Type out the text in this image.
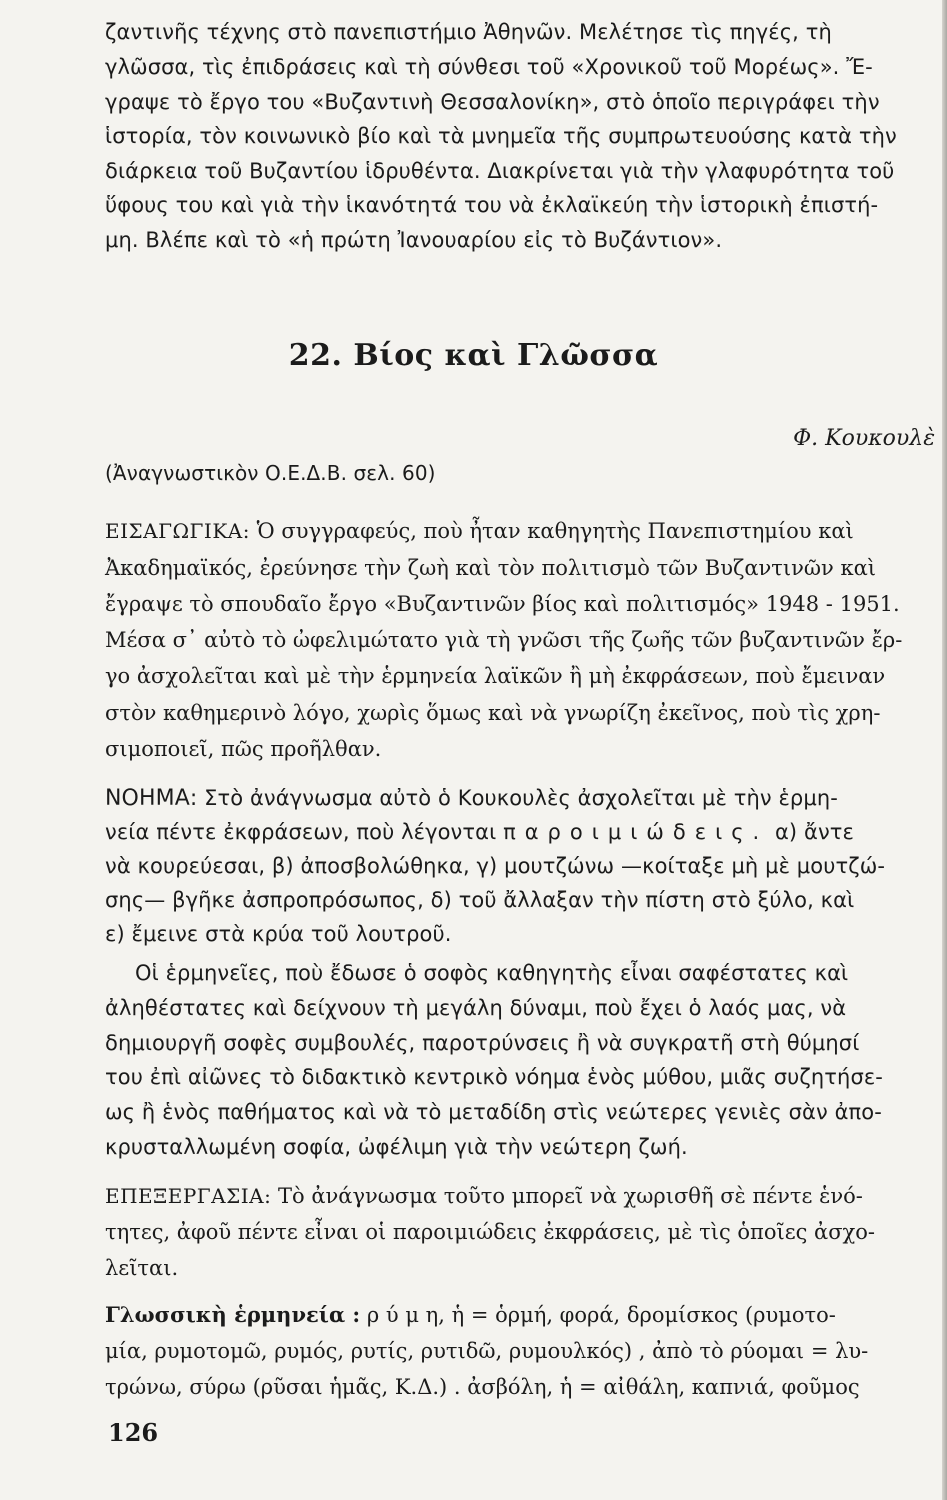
ζαντινῆς τέχνης στὸ πανεπιστήμιο Ἀθηνῶν. Μελέτησε τὶς πηγές, τὴ
γλῶσσα, τὶς ἐπιδράσεις καὶ τὴ σύνθεσι τοῦ «Χρονικοῦ τοῦ Μορέως». Ἔ-
γραψε τὸ ἔργο του «Βυζαντινὴ Θεσσαλονίκη», στὸ ὁποῖο περιγράφει τὴν
ἱστορία, τὸν κοινωνικὸ βίο καὶ τὰ μνημεῖα τῆς συμπρωτευούσης κατὰ τὴν
διάρκεια τοῦ Βυζαντίου ἱδρυθέντα. Διακρίνεται γιὰ τὴν γλαφυρότητα τοῦ
ὕφους του καὶ γιὰ τὴν ἱκανότητά του νὰ ἐκλαϊκεύη τὴν ἱστορικὴ ἐπιστή-
μη. Βλέπε καὶ τὸ «ἡ πρώτη Ἰανουαρίου εἰς τὸ Βυζάντιον».
22. Βίος καὶ Γλῶσσα
Φ. Κουκουλὲ
(Ἀναγνωστικὸν Ο.Ε.Δ.Β. σελ. 60)
ΕΙΣΑΓΩΓΙΚΑ: Ὁ συγγραφεύς, ποὺ ἦταν καθηγητὴς Πανεπιστημίου καὶ
Ἀκαδημαϊκός, ἐρεύνησε τὴν ζωὴ καὶ τὸν πολιτισμὸ τῶν Βυζαντινῶν καὶ
ἔγραψε τὸ σπουδαῖο ἔργο «Βυζαντινῶν βίος καὶ πολιτισμός» 1948 - 1951.
Μέσα σ᾿ αὐτὸ τὸ ὠφελιμώτατο γιὰ τὴ γνῶσι τῆς ζωῆς τῶν βυζαντινῶν ἔρ-
γο ἀσχολεῖται καὶ μὲ τὴν ἑρμηνεία λαϊκῶν ἢ μὴ ἐκφράσεων, ποὺ ἔμειναν
στὸν καθημερινὸ λόγο, χωρὶς ὅμως καὶ νὰ γνωρίζη ἐκεῖνος, ποὺ τὶς χρη-
σιμοποιεῖ, πῶς προῆλθαν.
ΝΟΗΜΑ: Στὸ ἀνάγνωσμα αὐτὸ ὁ Κουκουλὲς ἀσχολεῖται μὲ τὴν ἑρμη-
νεία πέντε ἐκφράσεων, ποὺ λέγονται παροιμιώδεις. α) ἄντε
νὰ κουρεύεσαι, β) ἀποσβολώθηκα, γ) μουτζώνω —κοίταξε μὴ μὲ μουτζώ-
σης— βγῆκε ἀσπροπρόσωπος, δ) τοῦ ἄλλαξαν τὴν πίστη στὸ ξύλο, καὶ
ε) ἔμεινε στὰ κρύα τοῦ λουτροῦ.
Οἱ ἑρμηνεῖες, ποὺ ἔδωσε ὁ σοφὸς καθηγητὴς εἶναι σαφέστατες καὶ
ἀληθέστατες καὶ δείχνουν τὴ μεγάλη δύναμι, ποὺ ἔχει ὁ λαός μας, νὰ
δημιουργῆ σοφὲς συμβουλές, παροτρύνσεις ἢ νὰ συγκρατῆ στὴ θύμησί
του ἐπὶ αἰῶνες τὸ διδακτικὸ κεντρικὸ νόημα ἑνὸς μύθου, μιᾶς συζητήσε-
ως ἢ ἑνὸς παθήματος καὶ νὰ τὸ μεταδίδη στὶς νεώτερες γενιὲς σὰν ἀπο-
κρυσταλλωμένη σοφία, ὠφέλιμη γιὰ τὴν νεώτερη ζωή.
ΕΠΕΞΕΡΓΑΣΙΑ: Τὸ ἀνάγνωσμα τοῦτο μπορεῖ νὰ χωρισθῆ σὲ πέντε ἑνό-
τητες, ἀφοῦ πέντε εἶναι οἱ παροιμιώδεις ἐκφράσεις, μὲ τὶς ὁποῖες ἀσχο-
λεῖται.
Γλωσσικὴ ἑρμηνεία : ρ ύ μ η, ἡ = ὁρμή, φορά, δρομίσκος (ρυμοτο-
μία, ρυμοτομῶ, ρυμός, ρυτίς, ρυτιδῶ, ρυμουλκός) , ἀπὸ τὸ ρύομαι = λυ-
τρώνω, σύρω (ρῦσαι ἡμᾶς, Κ.Δ.) . ἀσβόλη, ἡ = αἰθάλη, καπνιά, φοῦμος
126
